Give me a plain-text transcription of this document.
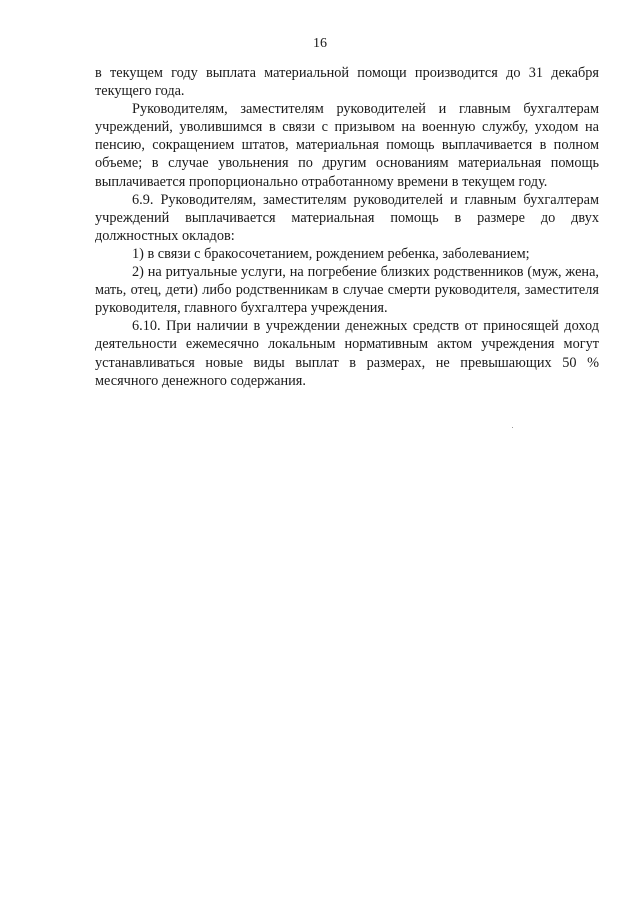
16

в текущем году выплата материальной помощи производится до 31 декабря текущего года.

Руководителям, заместителям руководителей и главным бухгалтерам учреждений, уволившимся в связи с призывом на военную службу, уходом на пенсию, сокращением штатов, материальная помощь выплачивается в полном объеме; в случае увольнения по другим основаниям материальная помощь выплачивается пропорционально отработанному времени в текущем году.

6.9. Руководителям, заместителям руководителей и главным бухгалтерам учреждений выплачивается материальная помощь в размере до двух должностных окладов:

1) в связи с бракосочетанием, рождением ребенка, заболеванием;

2) на ритуальные услуги, на погребение близких родственников (муж, жена, мать, отец, дети) либо родственникам в случае смерти руководителя, заместителя руководителя, главного бухгалтера учреждения.

6.10. При наличии в учреждении денежных средств от приносящей доход деятельности ежемесячно локальным нормативным актом учреждения могут устанавливаться новые виды выплат в размерах, не превышающих 50 % месячного денежного содержания.
